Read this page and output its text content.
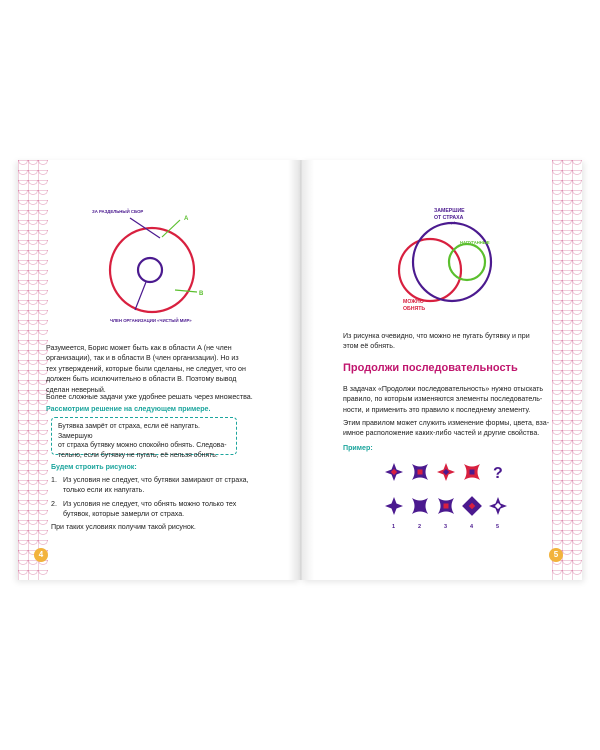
ЗА РАЗДЕЛЬНЫЙ СБОР
А
В
ЧЛЕН ОРГАНИЗАЦИИ «ЧИСТЫЙ МИР»
Разумеется, Борис может быть как в области А (не член
организации), так и в области В (член организации). Но из
тех утверждений, которые были сделаны, не следует, что он
должен быть исключительно в области В. Поэтому вывод
сделан неверный.
Более сложные задачи уже удобнее решать через множества.
Рассмотрим решение на следующем примере.
Бутявка замрёт от страха, если её напугать. Замершую
от страха бутявку можно спокойно обнять. Следова-
тельно, если бутявку не пугать, её нельзя обнять.
Будем строить рисунок:
1. Из условия не следует, что бутявки замирают от страха,
только если их напугать.
2. Из условия не следует, что обнять можно только тех
бутявок, которые замерли от страха.
При таких условиях получим такой рисунок.
4
ЗАМЕРШИЕ
ОТ СТРАХА
НАПУГАННЫЕ
МОЖНО
ОБНЯТЬ
Из рисунка очевидно, что можно не пугать бутявку и при
этом её обнять.
Продолжи последовательность
В задачах «Продолжи последовательность» нужно отыскать
правило, по которым изменяются элементы последователь-
ности, и применить это правило к последнему элементу.
Этим правилом может служить изменение формы, цвета, вза-
имное расположение каких-либо частей и другие свойства.
Пример:
?
1	2	3	4	5
5
